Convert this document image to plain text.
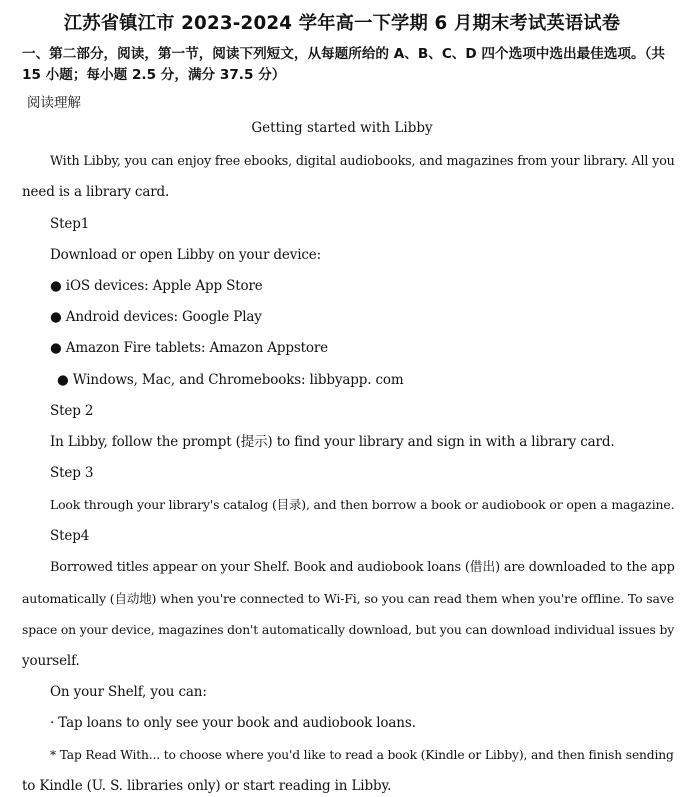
江苏省镇江市 2023-2024 学年高一下学期 6 月期末考试英语试卷
一、第二部分，阅读，第一节，阅读下列短文，从每题所给的 A、B、C、D 四个选项中选出最佳选项。（共 15 小题；每小题 2.5 分，满分 37.5 分）
阅读理解
Getting started with Libby
With Libby, you can enjoy free ebooks, digital audiobooks, and magazines from your library. All you
need is a library card.
Step1
Download or open Libby on your device:
● iOS devices: Apple App Store
● Android devices: Google Play
● Amazon Fire tablets: Amazon Appstore
● Windows, Mac, and Chromebooks: libbyapp. com
Step 2
In Libby, follow the prompt (提示) to find your library and sign in with a library card.
Step 3
Look through your library's catalog (目录), and then borrow a book or audiobook or open a magazine.
Step4
Borrowed titles appear on your Shelf. Book and audiobook loans (借出) are downloaded to the app
automatically (自动地) when you're connected to Wi-Fi, so you can read them when you're offline. To save
space on your device, magazines don't automatically download, but you can download individual issues by
yourself.
On your Shelf, you can:
· Tap loans to only see your book and audiobook loans.
* Tap Read With... to choose where you'd like to read a book (Kindle or Libby), and then finish sending
to Kindle (U. S. libraries only) or start reading in Libby.
